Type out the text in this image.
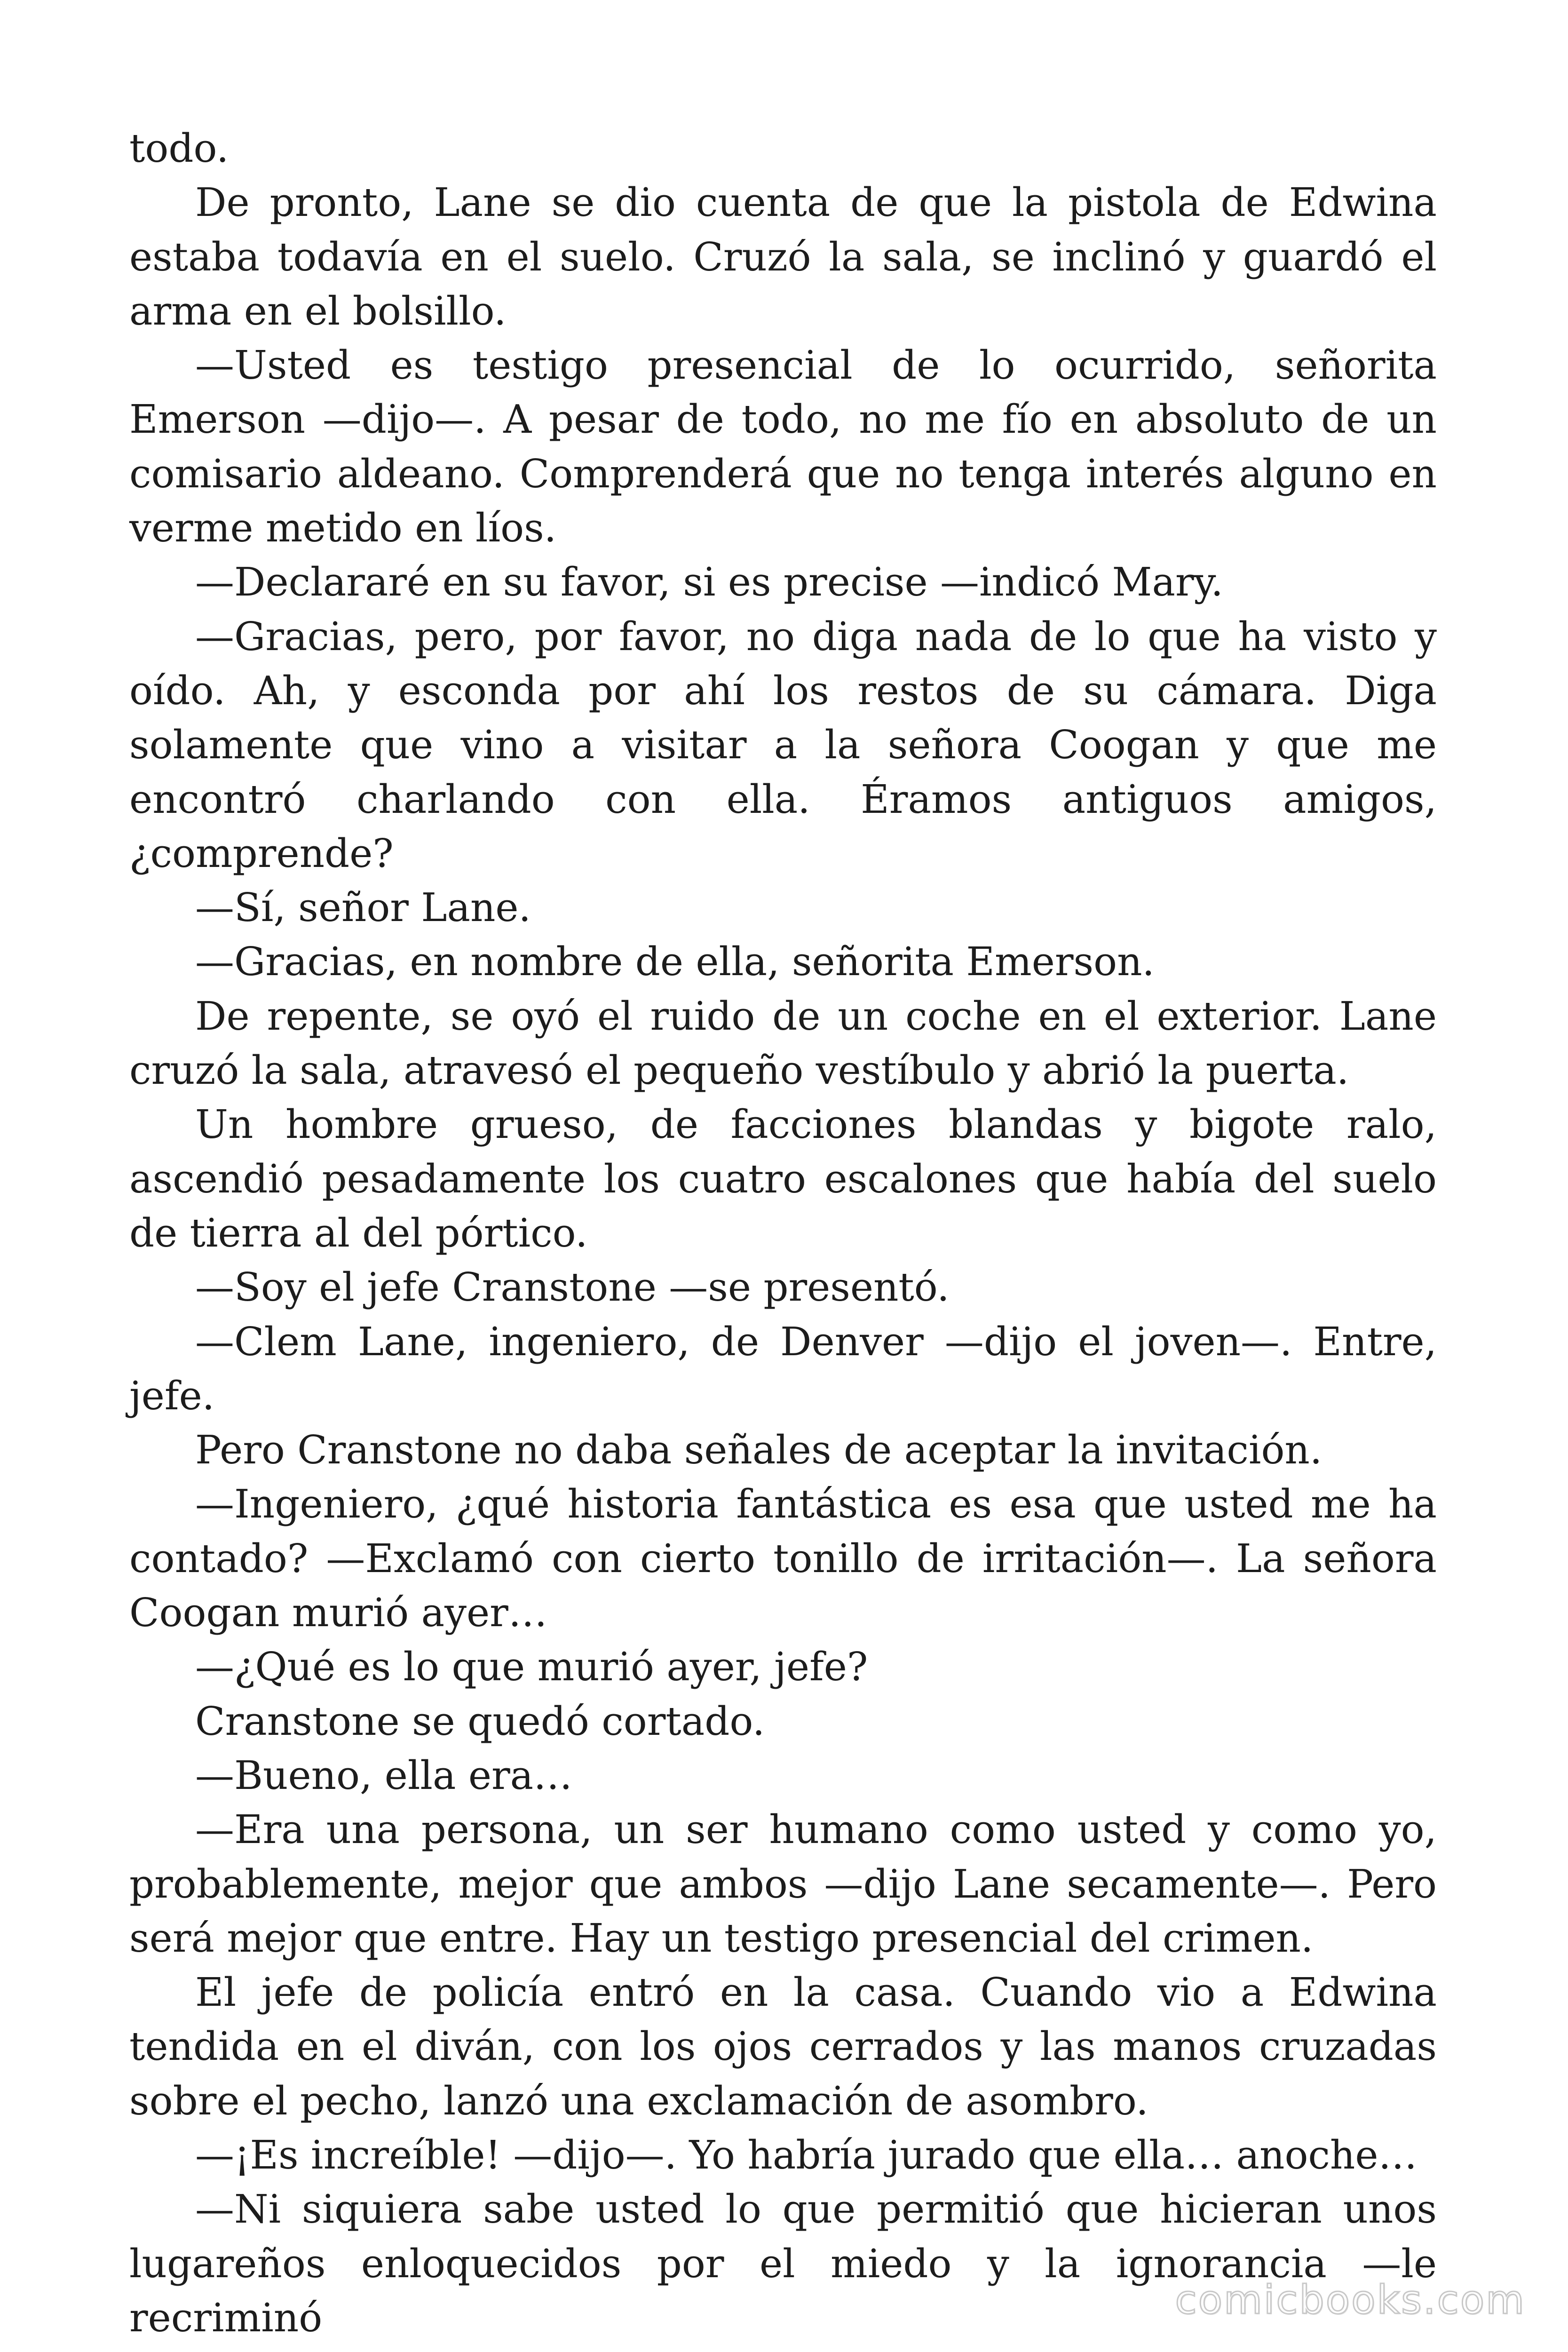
todo.

De pronto, Lane se dio cuenta de que la pistola de Edwina estaba todavía en el suelo. Cruzó la sala, se inclinó y guardó el arma en el bolsillo.

—Usted es testigo presencial de lo ocurrido, señorita Emerson —dijo—. A pesar de todo, no me fío en absoluto de un comisario aldeano. Comprenderá que no tenga interés alguno en verme metido en líos.

—Declararé en su favor, si es precise —indicó Mary.

—Gracias, pero, por favor, no diga nada de lo que ha visto y oído. Ah, y esconda por ahí los restos de su cámara. Diga solamente que vino a visitar a la señora Coogan y que me encontró charlando con ella. Éramos antiguos amigos, ¿comprende?

—Sí, señor Lane.

—Gracias, en nombre de ella, señorita Emerson.

De repente, se oyó el ruido de un coche en el exterior. Lane cruzó la sala, atravesó el pequeño vestíbulo y abrió la puerta.

Un hombre grueso, de facciones blandas y bigote ralo, ascendió pesadamente los cuatro escalones que había del suelo de tierra al del pórtico.

—Soy el jefe Cranstone —se presentó.

—Clem Lane, ingeniero, de Denver —dijo el joven—. Entre, jefe.

Pero Cranstone no daba señales de aceptar la invitación.

—Ingeniero, ¿qué historia fantástica es esa que usted me ha contado? —Exclamó con cierto tonillo de irritación—. La señora Coogan murió ayer…

—¿Qué es lo que murió ayer, jefe?

Cranstone se quedó cortado.

—Bueno, ella era…

—Era una persona, un ser humano como usted y como yo, probablemente, mejor que ambos —dijo Lane secamente—. Pero será mejor que entre. Hay un testigo presencial del crimen.

El jefe de policía entró en la casa. Cuando vio a Edwina tendida en el diván, con los ojos cerrados y las manos cruzadas sobre el pecho, lanzó una exclamación de asombro.

—¡Es increíble! —dijo—. Yo habría jurado que ella… anoche…

—Ni siquiera sabe usted lo que permitió que hicieran unos lugareños enloquecidos por el miedo y la ignorancia —le recriminó	comicbooks.com
